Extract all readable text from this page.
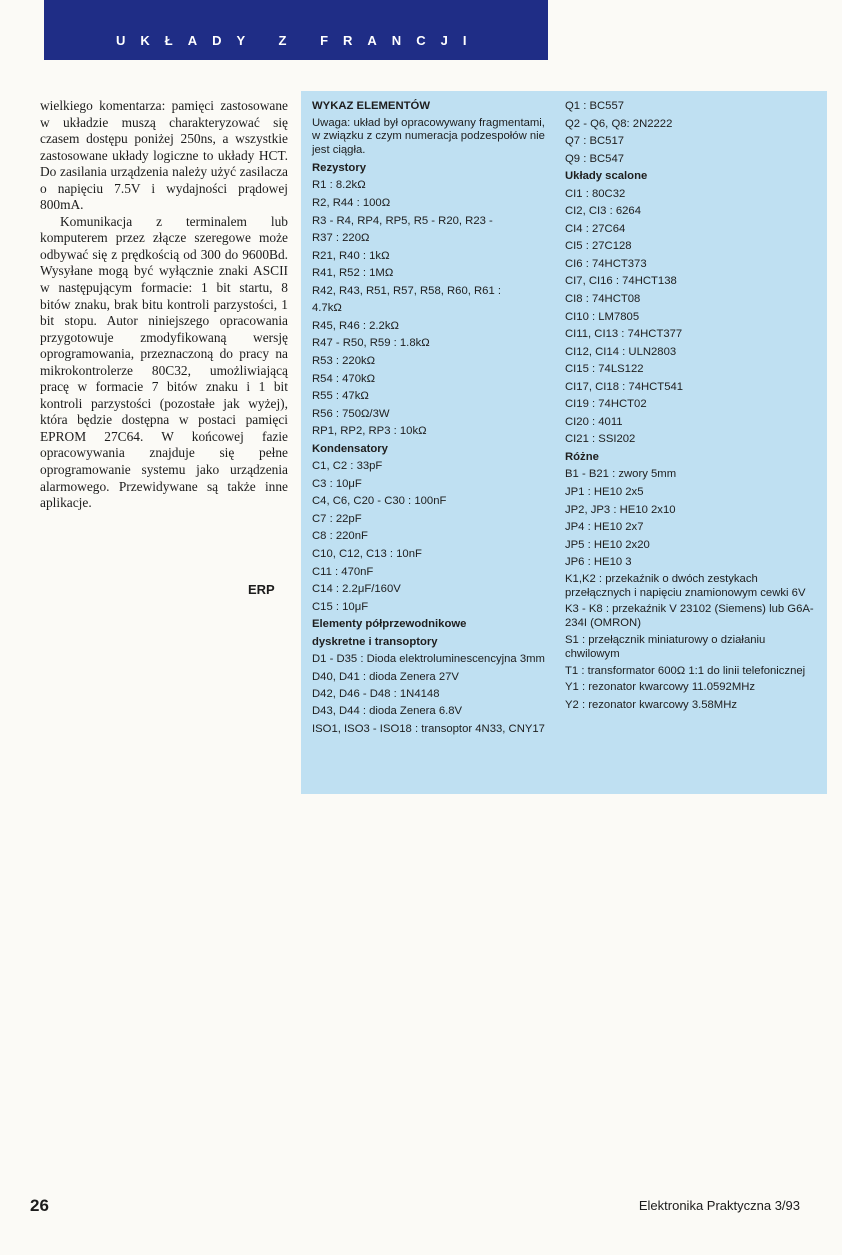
UKŁADY Z FRANCJI

wielkiego komentarza: pamięci zastosowane w układzie muszą charakteryzować się czasem dostępu poniżej 250ns, a wszystkie zastosowane układy logiczne to układy HCT. Do zasilania urządzenia należy użyć zasilacza o napięciu 7.5V i wydajności prądowej 800mA.

Komunikacja z terminalem lub komputerem przez złącze szeregowe może odbywać się z prędkością od 300 do 9600Bd. Wysyłane mogą być wyłącznie znaki ASCII w następującym formacie: 1 bit startu, 8 bitów znaku, brak bitu kontroli parzystości, 1 bit stopu. Autor niniejszego opracowania przygotowuje zmodyfikowaną wersję oprogramowania, przeznaczoną do pracy na mikrokontrolerze 80C32, umożliwiającą pracę w formacie 7 bitów znaku i 1 bit kontroli parzystości (pozostałe jak wyżej), która będzie dostępna w postaci pamięci EPROM 27C64. W końcowej fazie opracowywania znajduje się pełne oprogramowanie systemu jako urządzenia alarmowego. Przewidywane są także inne aplikacje.

ERP
WYKAZ ELEMENTÓW
Uwaga: układ był opracowywany fragmentami, w związku z czym numeracja podzespołów nie jest ciągła.
Rezystory
R1 : 8.2kΩ
R2, R44 : 100Ω
R3 - R4, RP4, RP5, R5 - R20, R23 -
R37 : 220Ω
R21, R40 : 1kΩ
R41, R52 : 1MΩ
R42, R43, R51, R57, R58, R60, R61 :
4.7kΩ
R45, R46 : 2.2kΩ
R47 - R50, R59 : 1.8kΩ
R53 : 220kΩ
R54 : 470kΩ
R55 : 47kΩ
R56 : 750Ω/3W
RP1, RP2, RP3 : 10kΩ
Kondensatory
C1, C2 : 33pF
C3 : 10μF
C4, C6, C20 - C30 : 100nF
C7 : 22pF
C8 : 220nF
C10, C12, C13 : 10nF
C11 : 470nF
C14 : 2.2μF/160V
C15 : 10μF
Elementy półprzewodnikowe
dyskretne i transoptory
D1 - D35 : Dioda elektroluminescencyjna 3mm
D40, D41 : dioda Zenera 27V
D42, D46 - D48 : 1N4148
D43, D44 : dioda Zenera 6.8V
ISO1, ISO3 - ISO18 : transoptor 4N33, CNY17
Q1 : BC557
Q2 - Q6, Q8: 2N2222
Q7 : BC517
Q9 : BC547
Układy scalone
CI1 : 80C32
CI2, CI3 : 6264
CI4 : 27C64
CI5 : 27C128
CI6 : 74HCT373
CI7, CI16 : 74HCT138
CI8 : 74HCT08
CI10 : LM7805
CI11, CI13 : 74HCT377
CI12, CI14 : ULN2803
CI15 : 74LS122
CI17, CI18 : 74HCT541
CI19 : 74HCT02
CI20 : 4011
CI21 : SSI202
Różne
B1 - B21 : zwory 5mm
JP1 : HE10 2x5
JP2, JP3 : HE10 2x10
JP4 : HE10 2x7
JP5 : HE10 2x20
JP6 : HE10 3
K1,K2 : przekaźnik o dwóch zestykach przełącznych i napięciu znamionowym cewki 6V
K3 - K8 : przekaźnik V 23102 (Siemens) lub G6A-234I (OMRON)
S1 : przełącznik miniaturowy o działaniu chwilowym
T1 : transformator 600Ω 1:1 do linii telefonicznej
Y1 : rezonator kwarcowy 11.0592MHz
Y2 : rezonator kwarcowy 3.58MHz
26	Elektronika Praktyczna 3/93
